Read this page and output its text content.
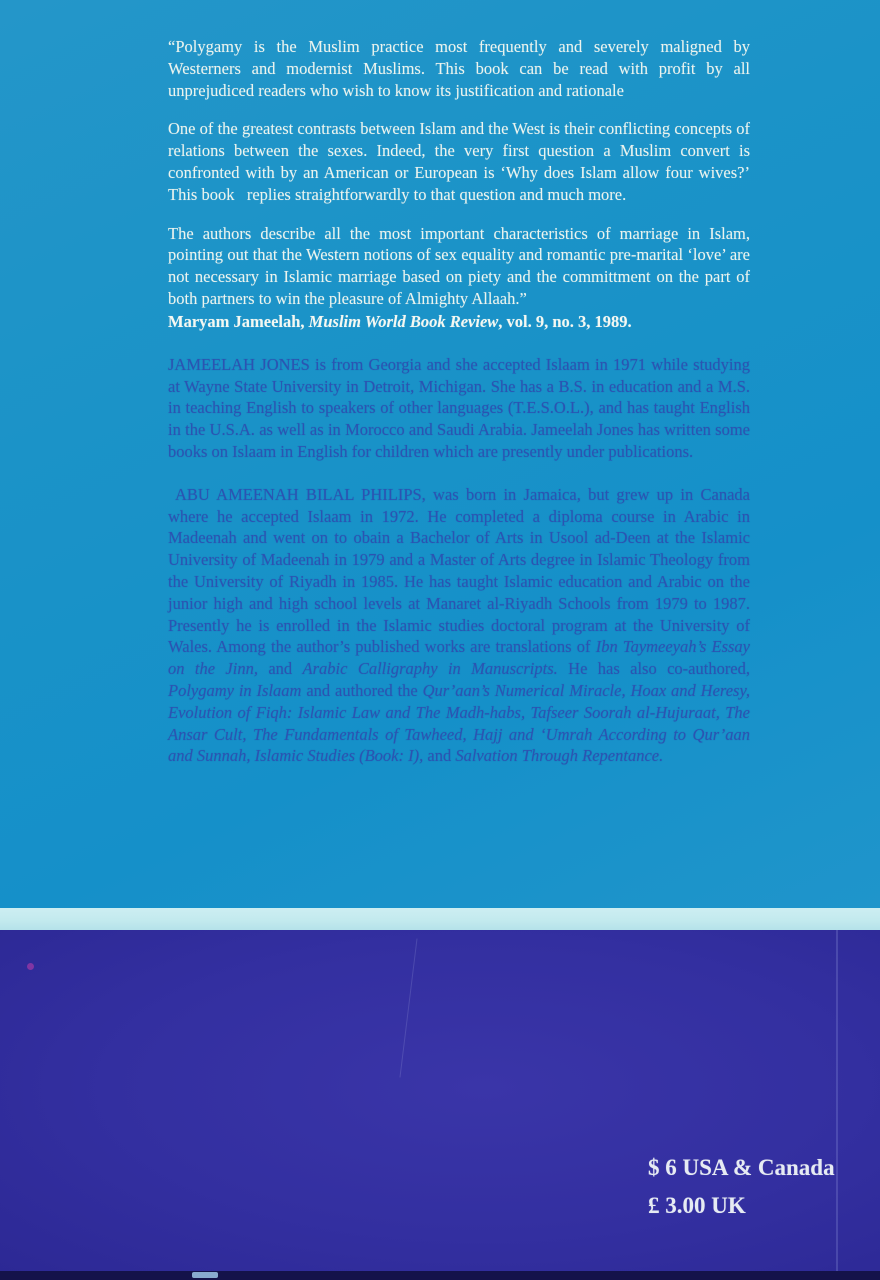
“Polygamy is the Muslim practice most frequently and severely maligned by Westerners and modernist Muslims. This book can be read with profit by all unprejudiced readers who wish to know its justification and rationale

One of the greatest contrasts between Islam and the West is their conflicting concepts of relations between the sexes. Indeed, the very first question a Muslim convert is confronted with by an American or European is ‘Why does Islam allow four wives?’ This book   replies straightforwardly to that question and much more.

The authors describe all the most important characteristics of marriage in Islam, pointing out that the Western notions of sex equality and romantic pre-marital ‘love’ are not necessary in Islamic marriage based on piety and the committment on the part of both partners to win the pleasure of Almighty Allaah.”

Maryam Jameelah, Muslim World Book Review, vol. 9, no. 3, 1989.

JAMEELAH JONES is from Georgia and she accepted Islaam in 1971 while studying at Wayne State University in Detroit, Michigan. She has a B.S. in education and a M.S. in teaching English to speakers of other languages (T.E.S.O.L.), and has taught English in the U.S.A. as well as in Morocco and Saudi Arabia. Jameelah Jones has written some books on Islaam in English for children which are presently under publications.

ABU AMEENAH BILAL PHILIPS, was born in Jamaica, but grew up in Canada where he accepted Islaam in 1972. He completed a diploma course in Arabic in Madeenah and went on to obain a Bachelor of Arts in Usool ad-Deen at the Islamic University of Madeenah in 1979 and a Master of Arts degree in Islamic Theology from the University of Riyadh in 1985. He has taught Islamic education and Arabic on the junior high and high school levels at Manaret al-Riyadh Schools from 1979 to 1987. Presently he is enrolled in the Islamic studies doctoral program at the University of Wales. Among the author’s published works are translations of Ibn Taymeeyah’s Essay on the Jinn, and Arabic Calligraphy in Manuscripts. He has also co-authored, Polygamy in Islaam and authored the Qur’aan’s Numerical Miracle, Hoax and Heresy, Evolution of Fiqh: Islamic Law and The Madh-habs, Tafseer Soorah al-Hujuraat, The Ansar Cult, The Fundamentals of Tawheed, Hajj and ‘Umrah According to Qur’aan and Sunnah, Islamic Studies (Book: I), and Salvation Through Repentance.

$ 6 USA & Canada
£ 3.00 UK
